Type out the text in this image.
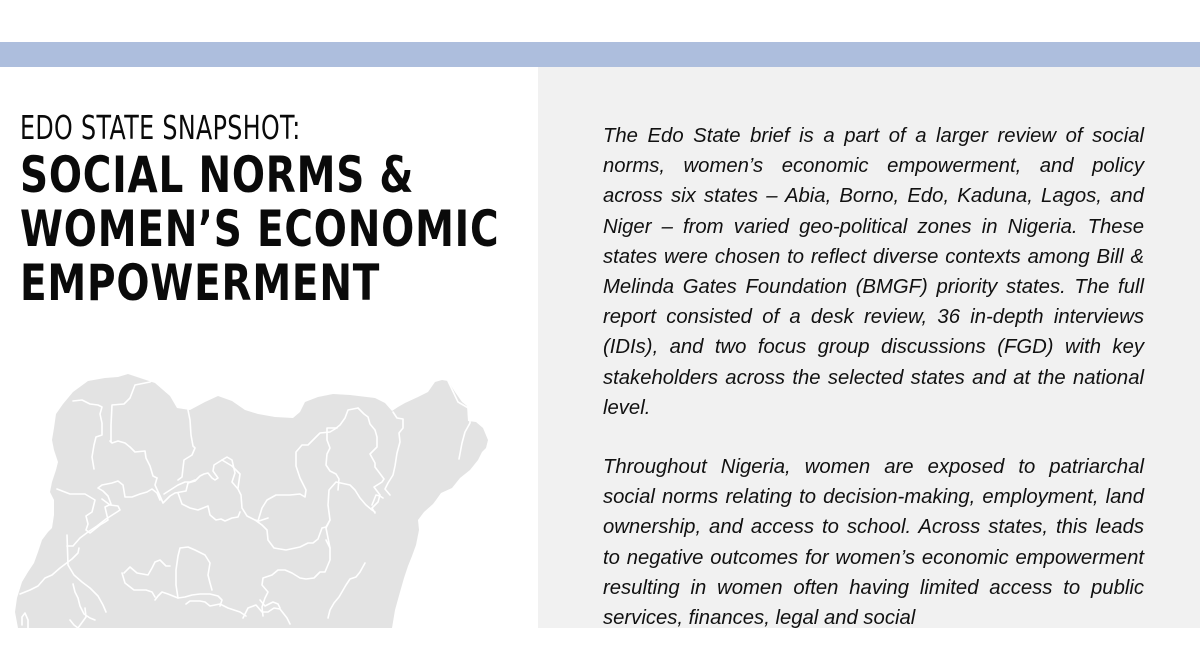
EDO STATE SNAPSHOT:
SOCIAL NORMS &
WOMEN’S ECONOMIC
EMPOWERMENT

The Edo State brief is a part of a larger review of social norms, women’s economic empowerment, and policy across six states – Abia, Borno, Edo, Kaduna, Lagos, and Niger – from varied geo-political zones in Nigeria. These states were chosen to reflect diverse contexts among Bill & Melinda Gates Foundation (BMGF) priority states. The full report consisted of a desk review, 36 in-depth interviews (IDIs), and two focus group discussions (FGD) with key stakeholders across the selected states and at the national level.

Throughout Nigeria, women are exposed to patriarchal social norms relating to decision-making, employment, land ownership, and access to school. Across states, this leads to negative outcomes for women’s economic empowerment resulting in women often having limited access to public services, finances, legal and social
